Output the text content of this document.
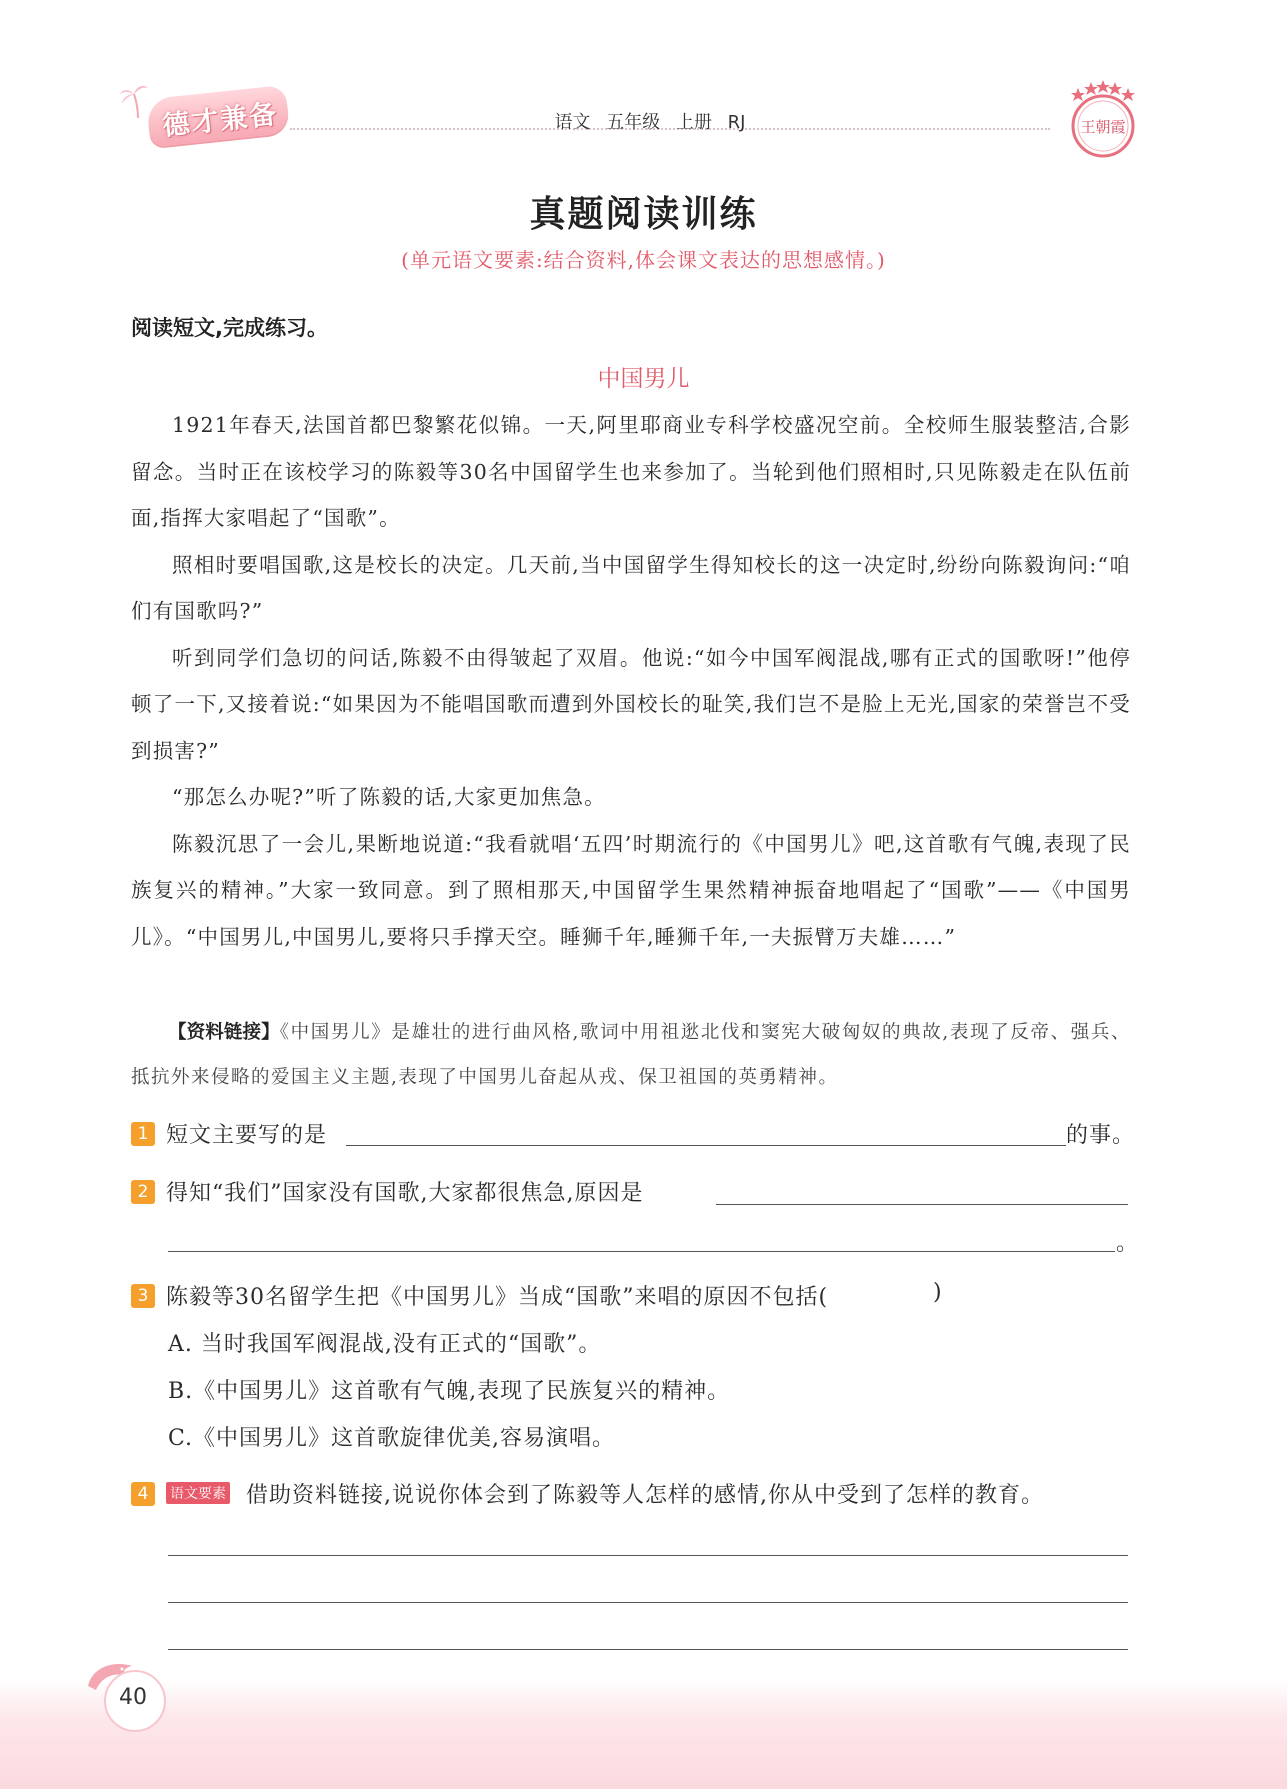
德才兼备	语文 五年级 上册 RJ	王朝霞
真题阅读训练
(单元语文要素:结合资料,体会课文表达的思想感情。)
阅读短文,完成练习。
中国男儿

1921年春天,法国首都巴黎繁花似锦。一天,阿里耶商业专科学校盛况空前。全校师生服装整洁,合影留念。当时正在该校学习的陈毅等30名中国留学生也来参加了。当轮到他们照相时,只见陈毅走在队伍前面,指挥大家唱起了“国歌”。

照相时要唱国歌,这是校长的决定。几天前,当中国留学生得知校长的这一决定时,纷纷向陈毅询问:“咱们有国歌吗?”

听到同学们急切的问话,陈毅不由得皱起了双眉。他说:“如今中国军阀混战,哪有正式的国歌呀!”他停顿了一下,又接着说:“如果因为不能唱国歌而遭到外国校长的耻笑,我们岂不是脸上无光,国家的荣誉岂不受到损害?”

“那怎么办呢?”听了陈毅的话,大家更加焦急。

陈毅沉思了一会儿,果断地说道:“我看就唱‘五四’时期流行的《中国男儿》吧,这首歌有气魄,表现了民族复兴的精神。”大家一致同意。到了照相那天,中国留学生果然精神振奋地唱起了“国歌”——《中国男儿》。“中国男儿,中国男儿,要将只手撑天空。睡狮千年,睡狮千年,一夫振臂万夫雄……”

【资料链接】《中国男儿》是雄壮的进行曲风格,歌词中用祖逖北伐和窦宪大破匈奴的典故,表现了反帝、强兵、抵抗外来侵略的爱国主义主题,表现了中国男儿奋起从戎、保卫祖国的英勇精神。

1 短文主要写的是	的事。
2 得知“我们”国家没有国歌,大家都很焦急,原因是
。
3 陈毅等30名留学生把《中国男儿》当成“国歌”来唱的原因不包括(	)
A. 当时我国军阀混战,没有正式的“国歌”。
B.《中国男儿》这首歌有气魄,表现了民族复兴的精神。
C.《中国男儿》这首歌旋律优美,容易演唱。
4	语文要素 借助资料链接,说说你体会到了陈毅等人怎样的感情,你从中受到了怎样的教育。
40
